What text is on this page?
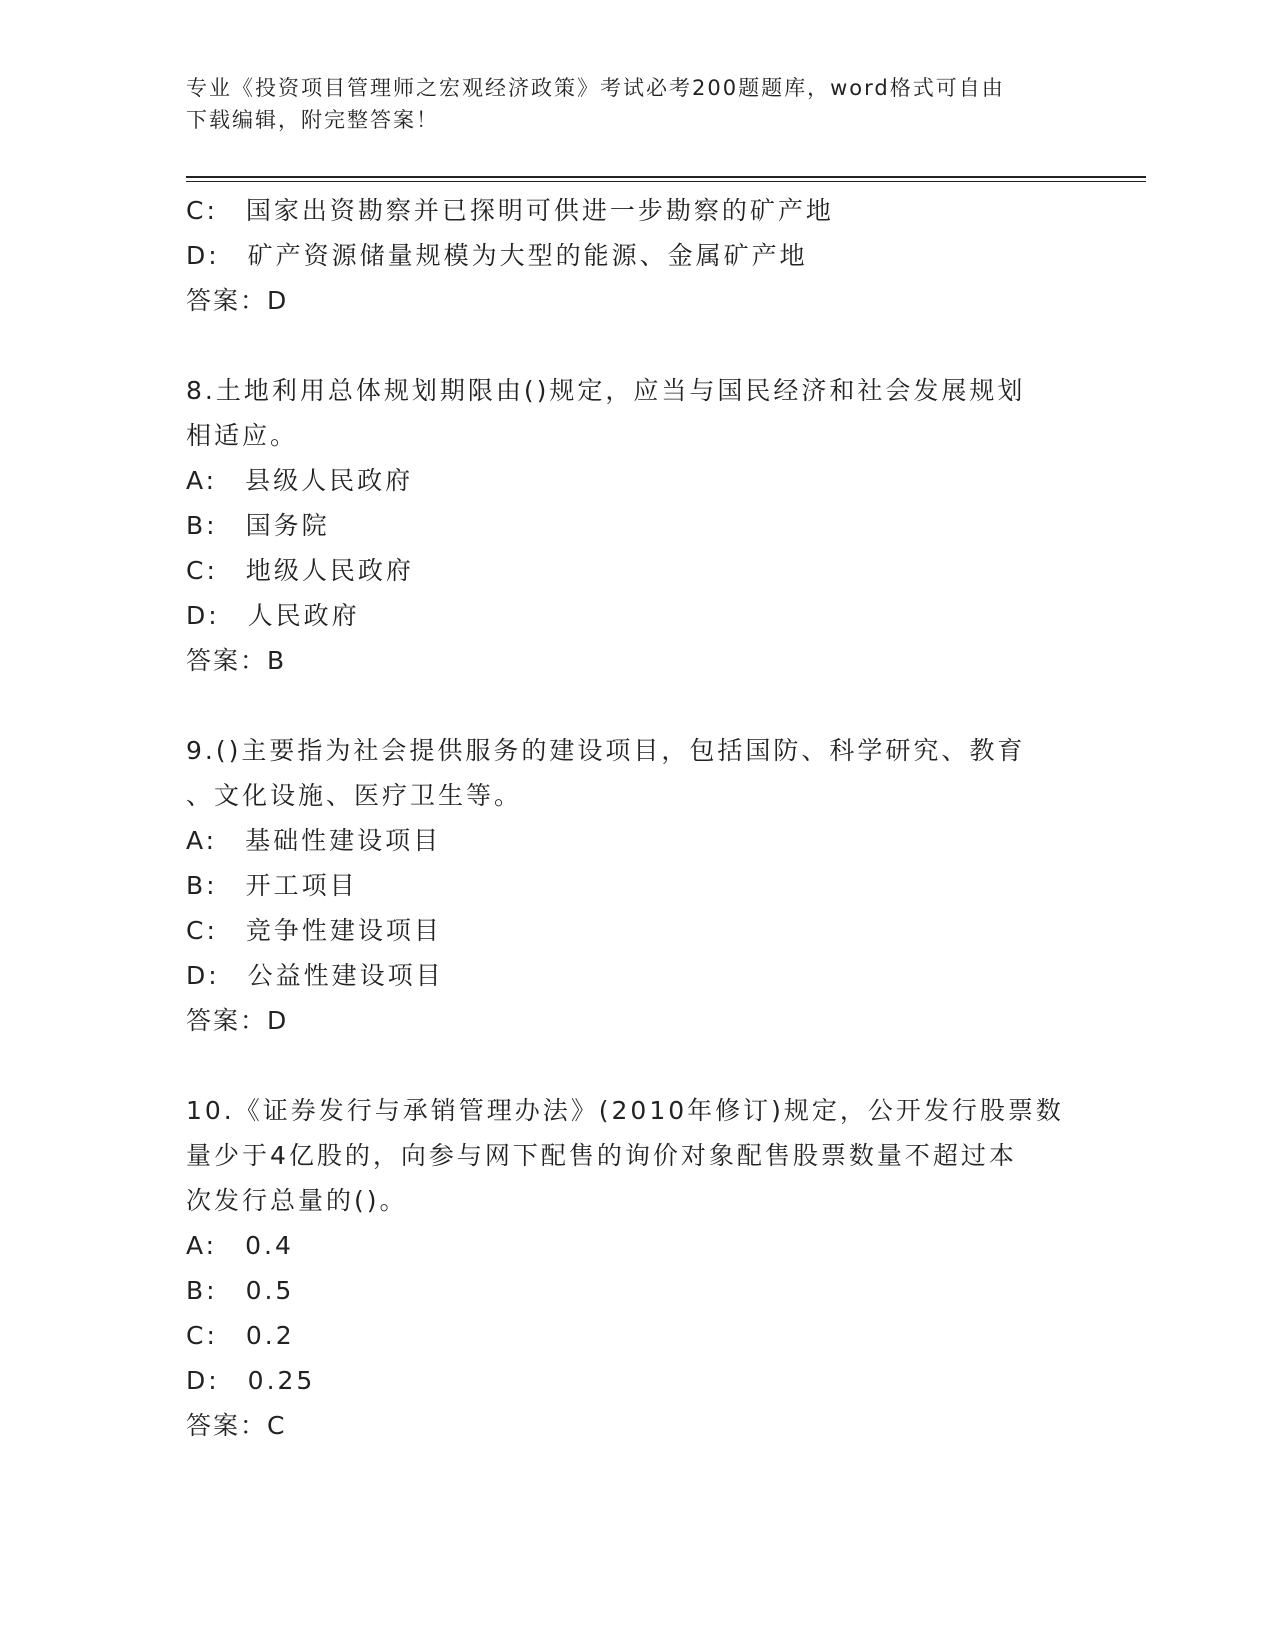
专业《投资项目管理师之宏观经济政策》考试必考200题题库，word格式可自由
下载编辑，附完整答案！
C:　国家出资勘察并已探明可供进一步勘察的矿产地
D:　矿产资源储量规模为大型的能源、金属矿产地
答案：D
8.土地利用总体规划期限由()规定，应当与国民经济和社会发展规划
相适应。
A:　县级人民政府
B:　国务院
C:　地级人民政府
D:　人民政府
答案：B
9.()主要指为社会提供服务的建设项目，包括国防、科学研究、教育
、文化设施、医疗卫生等。
A:　基础性建设项目
B:　开工项目
C:　竞争性建设项目
D:　公益性建设项目
答案：D
10.《证券发行与承销管理办法》(2010年修订)规定，公开发行股票数
量少于4亿股的，向参与网下配售的询价对象配售股票数量不超过本
次发行总量的()。
A:　0.4
B:　0.5
C:　0.2
D:　0.25
答案：C
